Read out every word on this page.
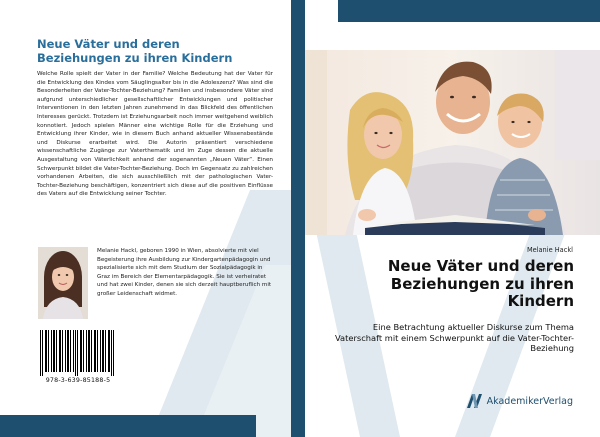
Neue Väter und deren Beziehungen zu ihren Kindern

Welche Rolle spielt der Vater in der Familie? Welche Bedeutung hat der Vater für die Entwicklung des Kindes vom Säuglingsalter bis in die Adoleszenz? Was sind die Besonderheiten der Vater-Tochter-Beziehung? Familien und insbesondere Väter sind aufgrund unterschiedlicher gesellschaftlicher Entwicklungen und politischer Interventionen in den letzten Jahren zunehmend in das Blickfeld des öffentlichen Interesses gerückt. Trotzdem ist Erziehungsarbeit noch immer weitgehend weiblich konnotiert. Jedoch spielen Männer eine wichtige Rolle für die Erziehung und Entwicklung ihrer Kinder, wie in diesem Buch anhand aktueller Wissensbestände und Diskurse erarbeitet wird. Die Autorin präsentiert verschiedene wissenschaftliche Zugänge zur Vaterthematik und im Zuge dessen die aktuelle Ausgestaltung von Väterlichkeit anhand der sogenannten „Neuen Väter“. Einen Schwerpunkt bildet die Vater-Tochter-Beziehung. Doch im Gegensatz zu zahlreichen vorhandenen Arbeiten, die sich ausschließlich mit der pathologischen Vater-Tochter-Beziehung beschäftigen, konzentriert sich diese auf die positiven Einflüsse des Vaters auf die Entwicklung seiner Tochter.

Melanie Hackl, geboren 1990 in Wien, absolvierte mit viel Begeisterung ihre Ausbildung zur Kindergartenpädagogin und spezialisierte sich mit dem Studium der Sozialpädagogik in Graz im Bereich der Elementarpädagogik. Sie ist verheiratet und hat zwei Kinder, denen sie sich derzeit hauptberuflich mit großer Leidenschaft widmet.

978-3-639-85188-5

Melanie Hackl

Neue Väter und deren Beziehungen zu ihren Kindern

Eine Betrachtung aktueller Diskurse zum Thema Vaterschaft mit einem Schwerpunkt auf die Vater-Tochter-Beziehung

AkademikerVerlag
